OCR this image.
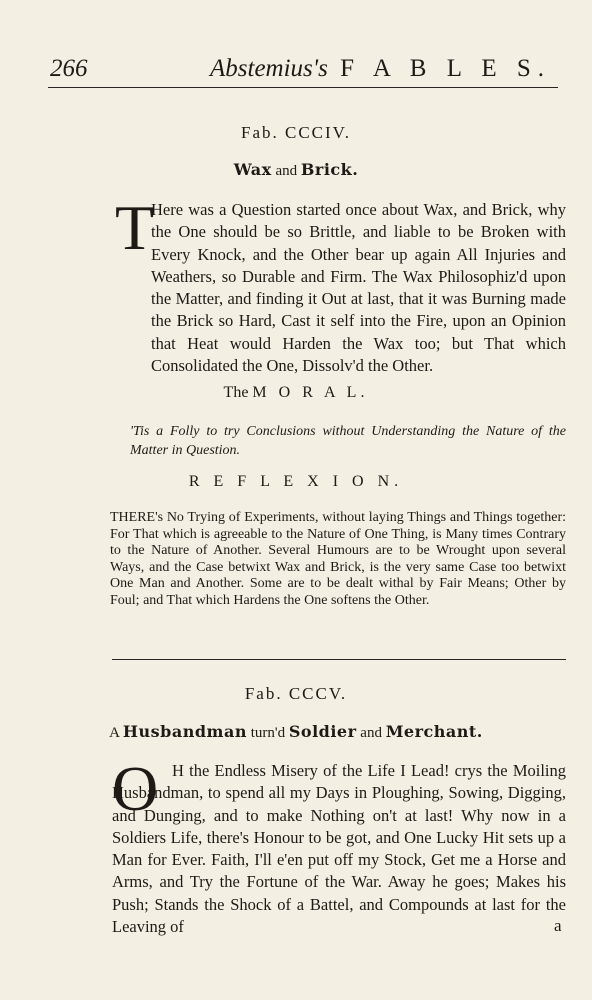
266	Abstemius's F A B L E S.
Fab. CCCIV.
Wax and Brick.
T
Here was a Question started once about Wax, and Brick, why the One should be so Brittle, and liable to be Broken with Every Knock, and the Other bear up again All Injuries and Weathers, so Durable and Firm. The Wax Philosophiz'd upon the Matter, and finding it Out at last, that it was Burning made the Brick so Hard, Cast it self into the Fire, upon an Opinion that Heat would Harden the Wax too; but That which Consolidated the One, Dissolv'd the Other.
The M O R A L.
'Tis a Folly to try Conclusions without Understanding the Nature of the Matter in Question.
R E F L E X I O N.
THERE's No Trying of Experiments, without laying Things and Things together: For That which is agreeable to the Nature of One Thing, is Many times Contrary to the Nature of Another. Several Humours are to be Wrought upon several Ways, and the Case betwixt Wax and Brick, is the very same Case too betwixt One Man and Another. Some are to be dealt withal by Fair Means; Other by Foul; and That which Hardens the One softens the Other.
Fab. CCCV.
A Husbandman turn'd Soldier and Merchant.
O H the Endless Misery of the Life I Lead! crys the Moiling Husbandman, to spend all my Days in Ploughing, Sowing, Digging, and Dunging, and to make Nothing on't at last! Why now in a Soldiers Life, there's Honour to be got, and One Lucky Hit sets up a Man for Ever. Faith, I'll e'en put off my Stock, Get me a Horse and Arms, and Try the Fortune of the War. Away he goes; Makes his Push; Stands the Shock of a Battel, and Compounds at last for the Leaving of	a
